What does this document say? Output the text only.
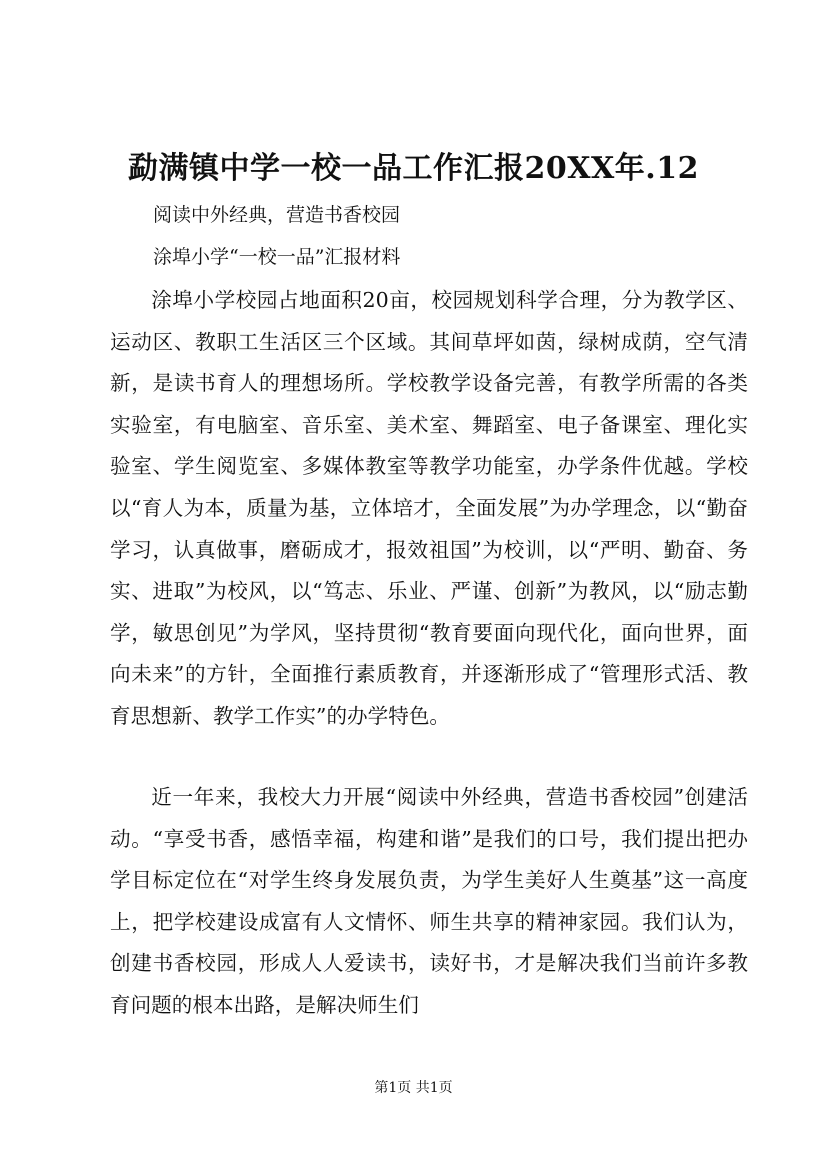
勐满镇中学一校一品工作汇报20XX年.12

阅读中外经典，营造书香校园

涂埠小学“一校一品”汇报材料

涂埠小学校园占地面积20亩，校园规划科学合理，分为教学区、运动区、教职工生活区三个区域。其间草坪如茵，绿树成荫，空气清新，是读书育人的理想场所。学校教学设备完善，有教学所需的各类实验室，有电脑室、音乐室、美术室、舞蹈室、电子备课室、理化实验室、学生阅览室、多媒体教室等教学功能室，办学条件优越。学校以“育人为本，质量为基，立体培才，全面发展”为办学理念，以“勤奋学习，认真做事，磨砺成才，报效祖国”为校训，以“严明、勤奋、务实、进取”为校风，以“笃志、乐业、严谨、创新”为教风，以“励志勤学，敏思创见”为学风，坚持贯彻“教育要面向现代化，面向世界，面向未来”的方针，全面推行素质教育，并逐渐形成了“管理形式活、教育思想新、教学工作实”的办学特色。

近一年来，我校大力开展“阅读中外经典，营造书香校园”创建活动。“享受书香，感悟幸福，构建和谐”是我们的口号，我们提出把办学目标定位在“对学生终身发展负责，为学生美好人生奠基”这一高度上，把学校建设成富有人文情怀、师生共享的精神家园。我们认为，创建书香校园，形成人人爱读书，读好书，才是解决我们当前许多教育问题的根本出路，是解决师生们

第1页 共1页
